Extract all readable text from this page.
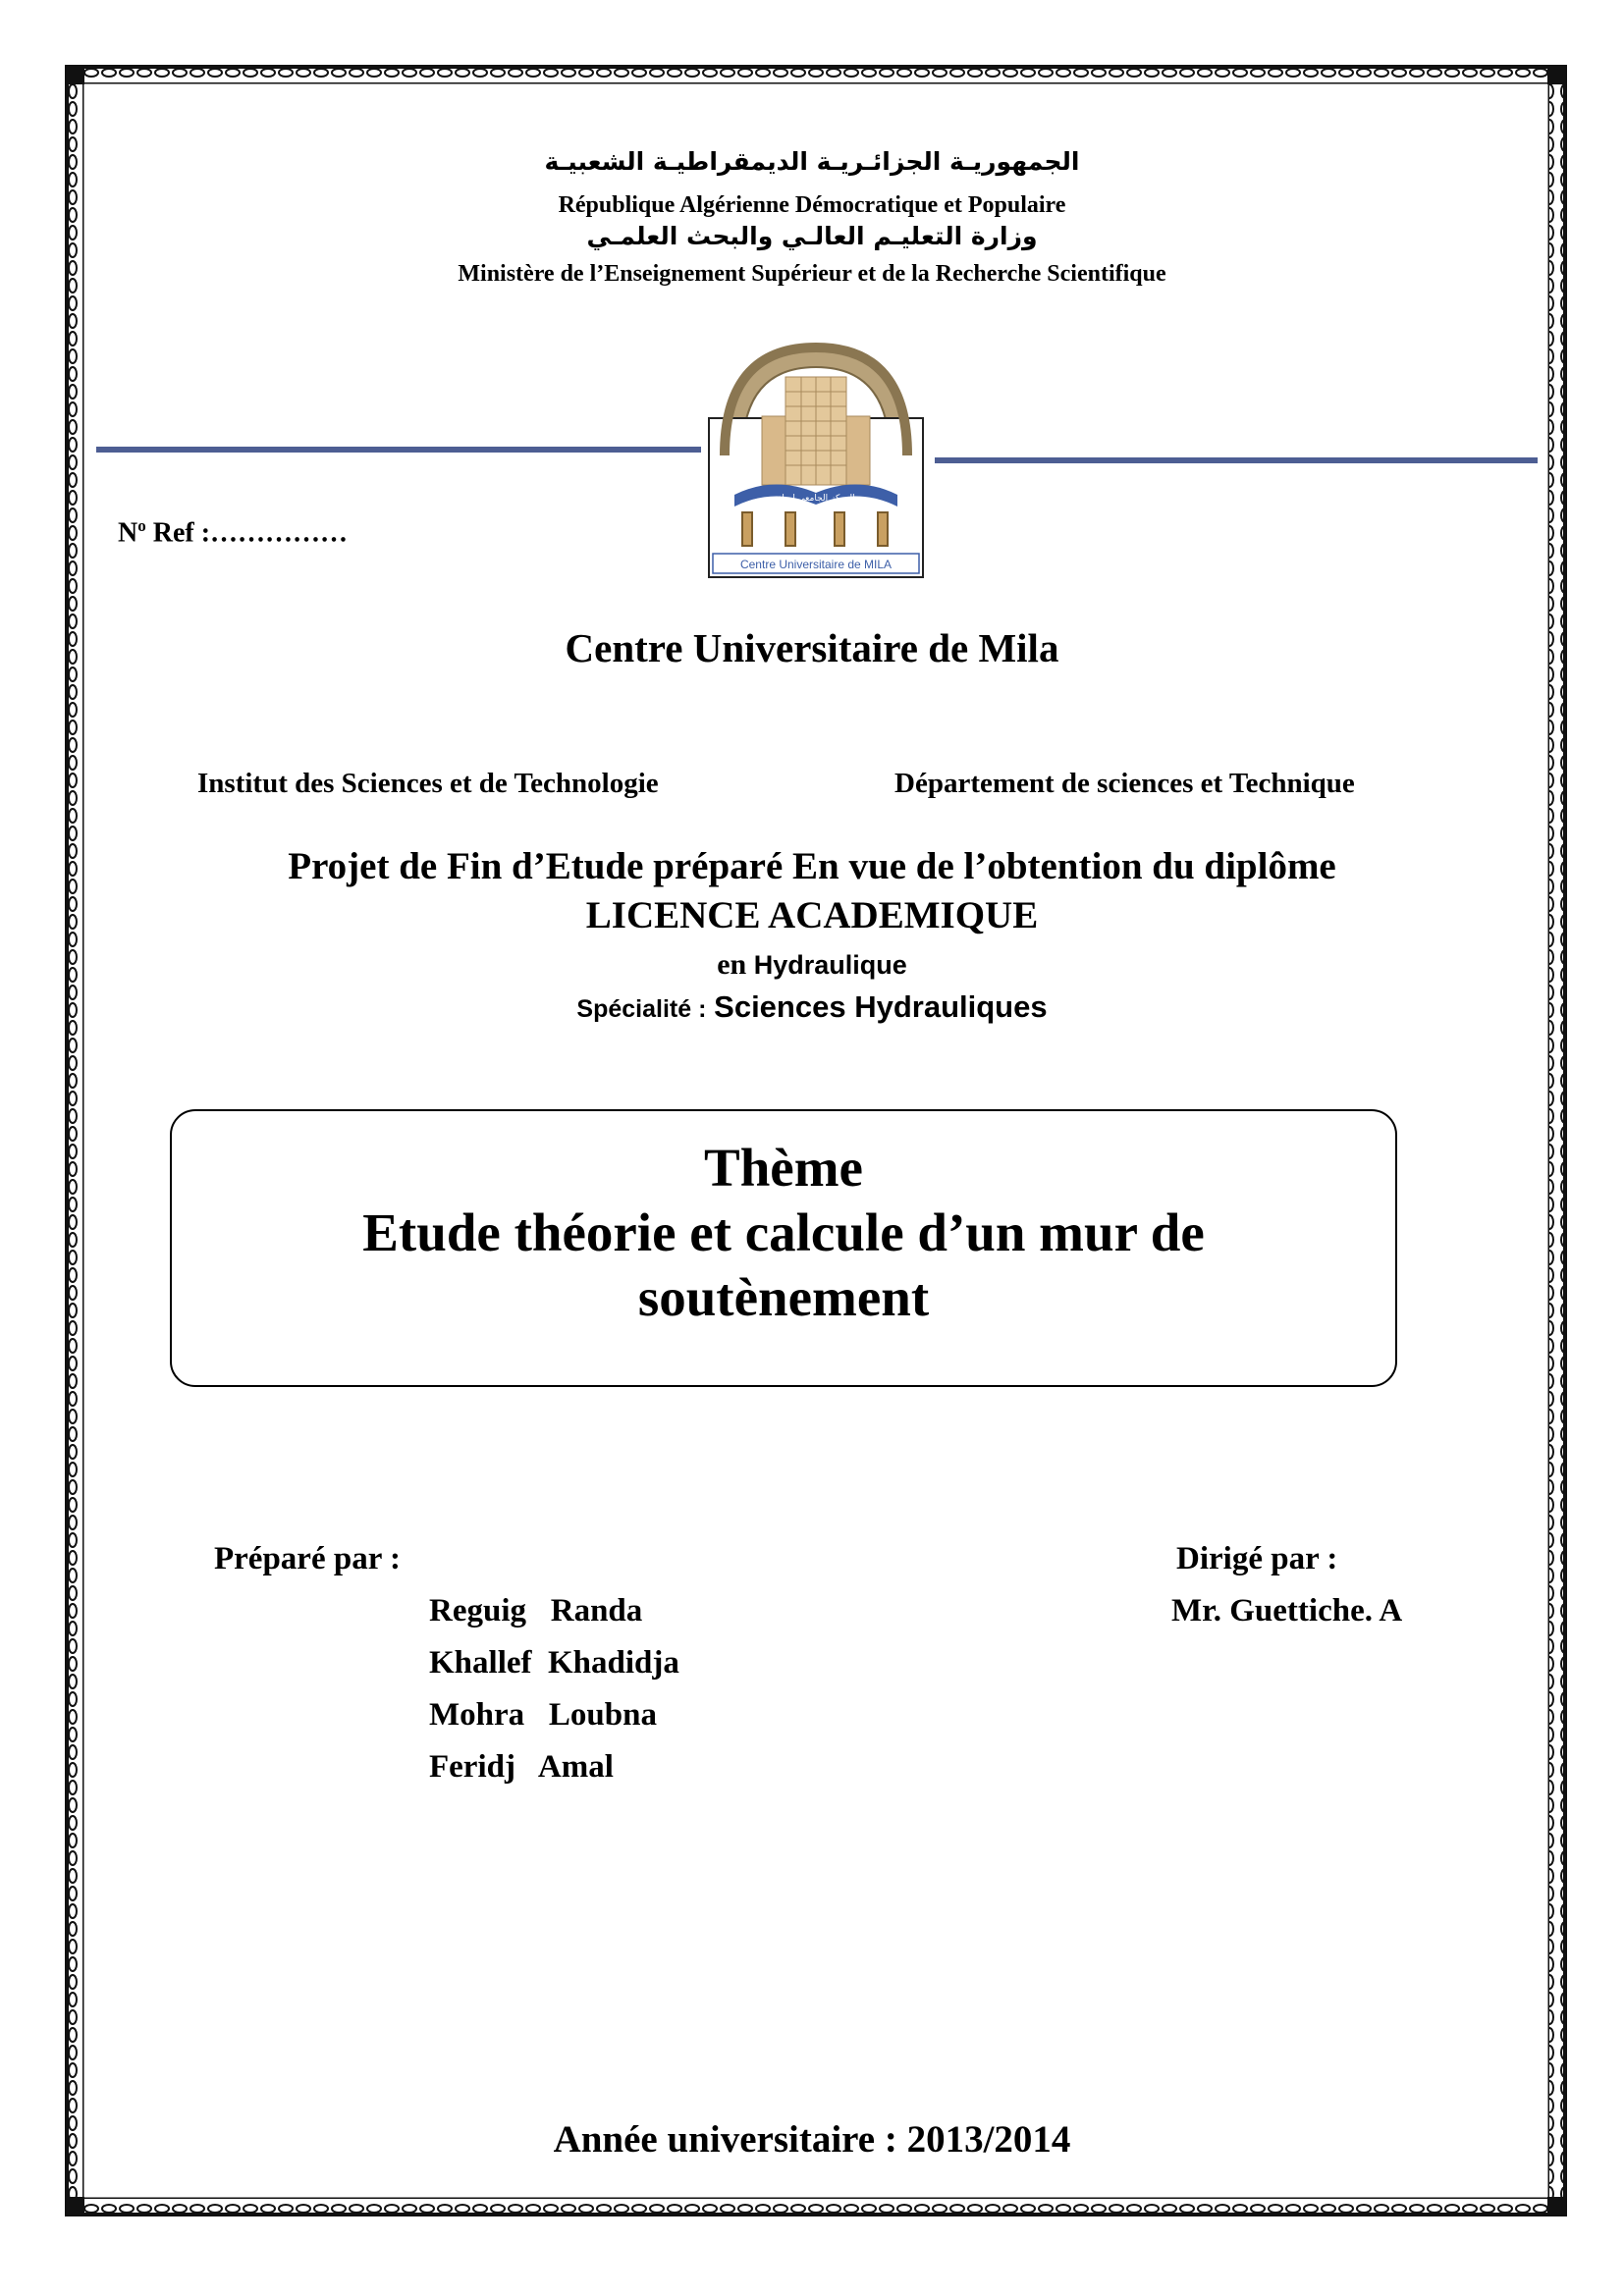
الجمهوريـة الجزائـريـة الديمقراطيـة الشعبيـة
République Algérienne Démocratique et Populaire
وزارة التعليـم العالـي والبحث العلمـي
Ministère de l’Enseignement Supérieur et de la Recherche Scientifique
المركز الجامعي لميلة
Centre Universitaire de MILA
$N^o$ Ref :……………
Centre Universitaire de Mila
Institut des Sciences et de Technologie	Département de sciences et Technique
Projet de Fin d’Etude préparé En vue de l’obtention du diplôme
LICENCE ACADEMIQUE
en Hydraulique
Spécialité : Sciences Hydrauliques
Thème
Etude théorie et calcule d’un mur de
soutènement
Préparé par :
Reguig   Randa
Khallef  Khadidja
Mohra   Loubna
Feridj   Amal
Dirigé par :
Mr. Guettiche. A
Année universitaire : 2013/2014
